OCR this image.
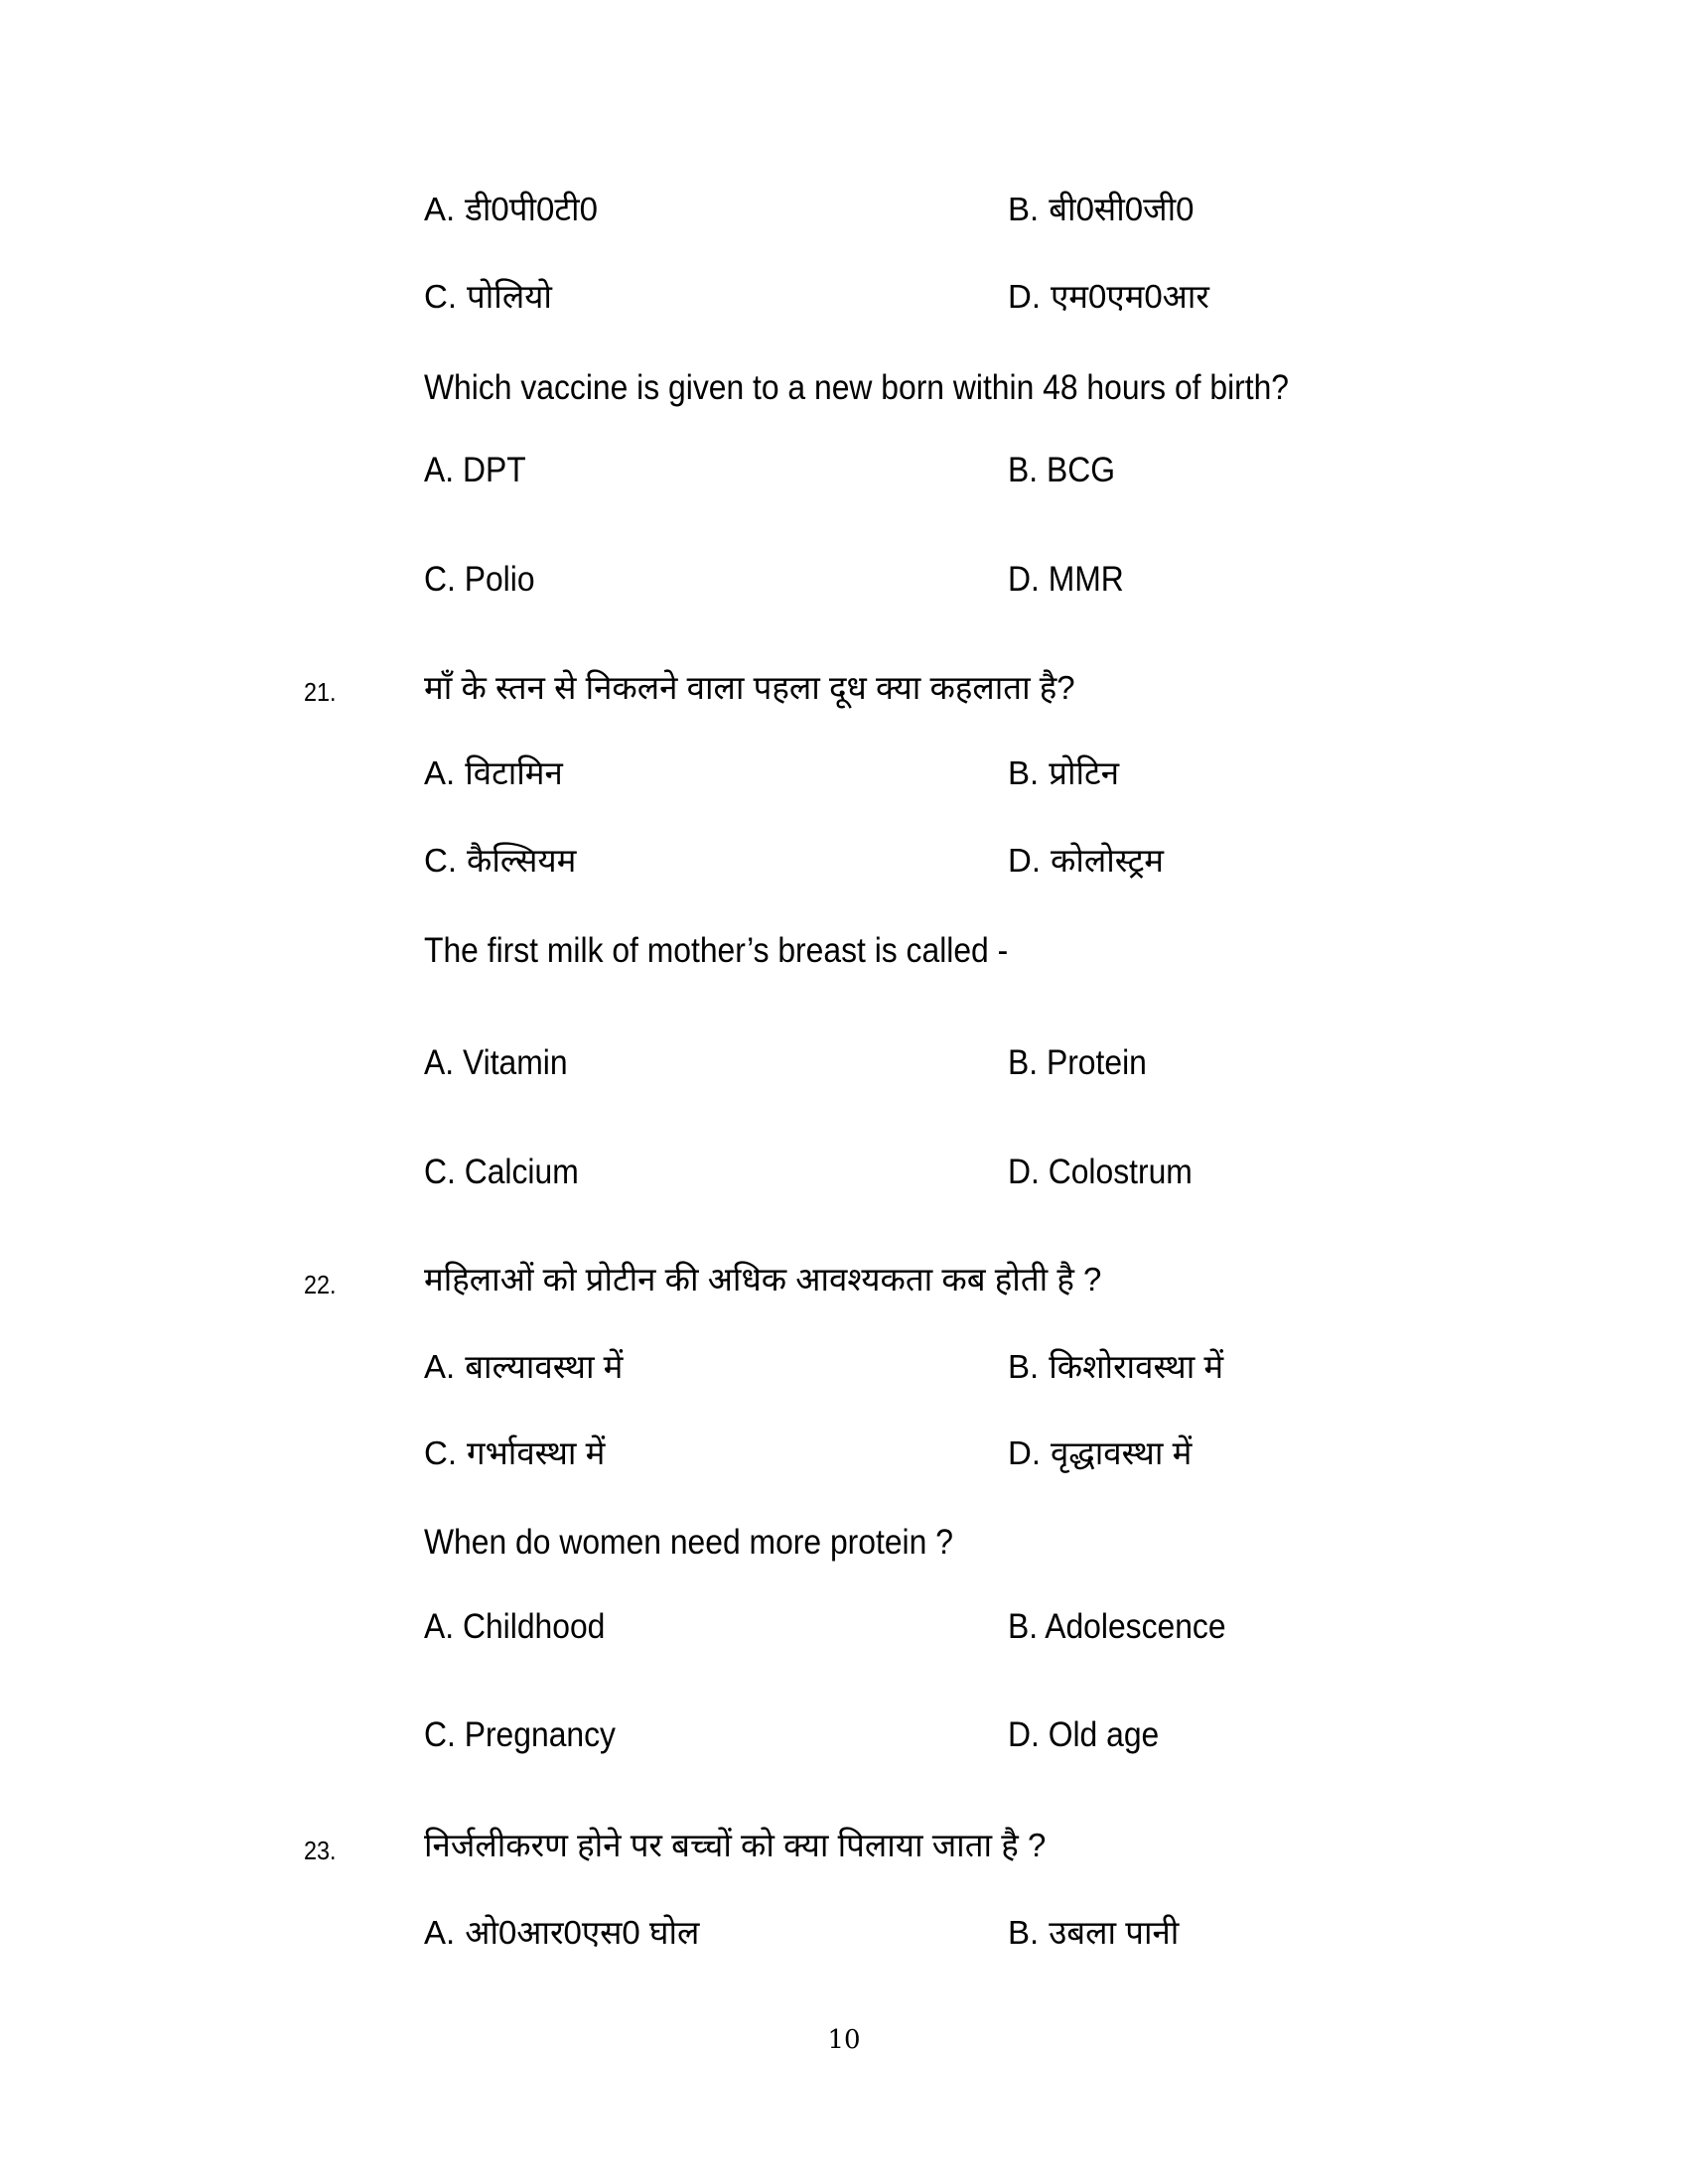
A. डी0पी0टी0	B. बी0सी0जी0
C. पोलियो	D. एम0एम0आर
Which vaccine is given to a new born within 48 hours of birth?
A. DPT	B. BCG
C. Polio	D. MMR
21.	माँ के स्तन से निकलने वाला पहला दूध क्या कहलाता है?
A. विटामिन	B. प्रोटिन
C. कैल्सियम	D. कोलोस्ट्रम
The first milk of mother’s breast is called -
A. Vitamin	B. Protein
C. Calcium	D. Colostrum
22.	महिलाओं को प्रोटीन की अधिक आवश्यकता कब होती है ?
A. बाल्यावस्था में	B. किशोरावस्था में
C. गर्भावस्था में	D. वृद्धावस्था में
When do women need more protein ?
A. Childhood	B. Adolescence
C. Pregnancy	D. Old age
23.	निर्जलीकरण होने पर बच्चों को क्या पिलाया जाता है ?
A. ओ0आर0एस0 घोल	B. उबला पानी
10
